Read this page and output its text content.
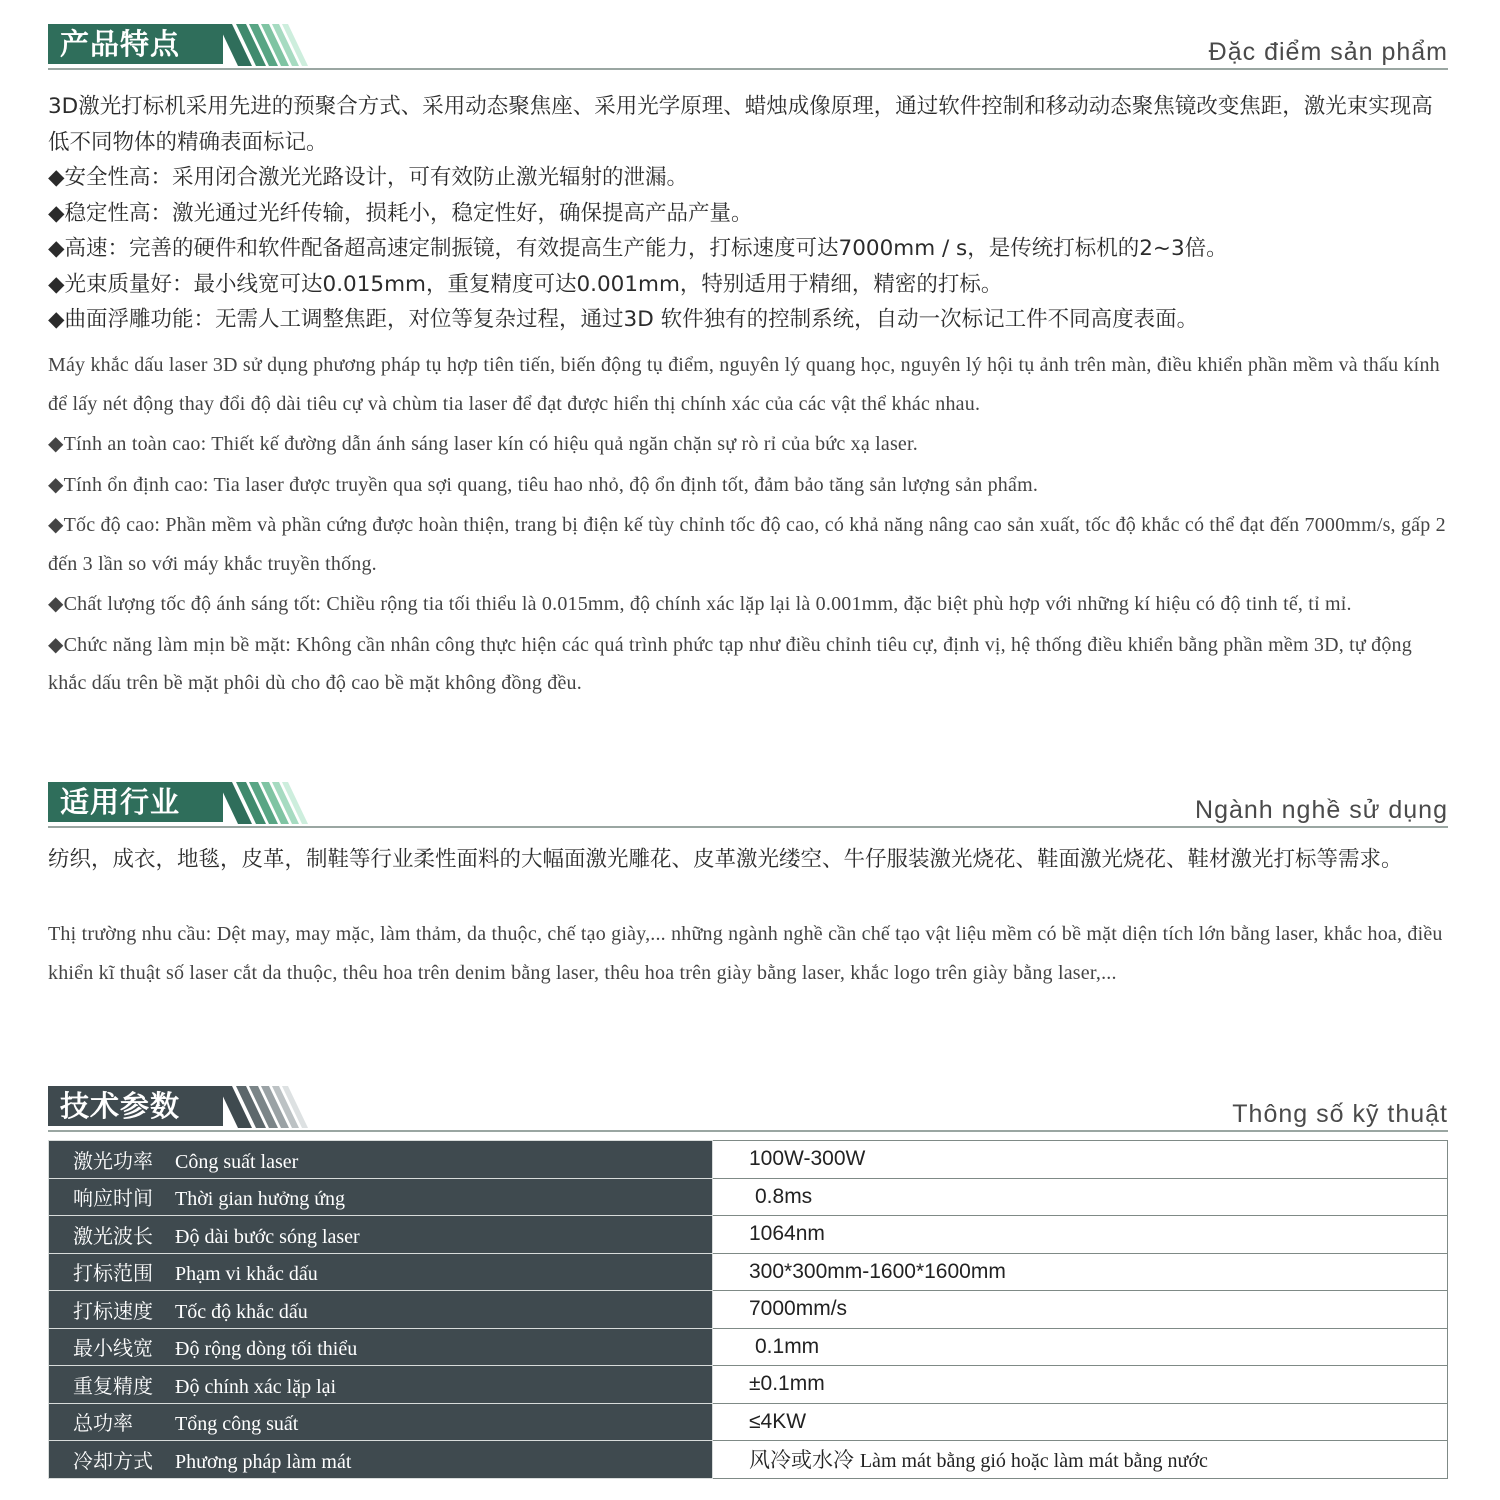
产品特点	Đặc điểm sản phẩm

3D激光打标机采用先进的预聚合方式、采用动态聚焦座、采用光学原理、蜡烛成像原理，通过软件控制和移动动态聚焦镜改变焦距，激光束实现高低不同物体的精确表面标记。

◆安全性高：采用闭合激光光路设计，可有效防止激光辐射的泄漏。

◆稳定性高：激光通过光纤传输，损耗小，稳定性好，确保提高产品产量。

◆高速：完善的硬件和软件配备超高速定制振镜，有效提高生产能力，打标速度可达7000mm / s，是传统打标机的2~3倍。

◆光束质量好：最小线宽可达0.015mm，重复精度可达0.001mm，特别适用于精细，精密的打标。

◆曲面浮雕功能：无需人工调整焦距，对位等复杂过程，通过3D 软件独有的控制系统，自动一次标记工件不同高度表面。

Máy khắc dấu laser 3D sử dụng phương pháp tụ hợp tiên tiến, biến động tụ điểm, nguyên lý quang học, nguyên lý hội tụ ảnh trên màn, điều khiển phần mềm và thấu kính để lấy nét động thay đổi độ dài tiêu cự và chùm tia laser để đạt được hiển thị chính xác của các vật thể khác nhau.

◆Tính an toàn cao: Thiết kế đường dẫn ánh sáng laser kín có hiệu quả ngăn chặn sự rò rỉ của bức xạ laser.

◆Tính ổn định cao: Tia laser được truyền qua sợi quang, tiêu hao nhỏ, độ ổn định tốt, đảm bảo tăng sản lượng sản phẩm.

◆Tốc độ cao: Phần mềm và phần cứng được hoàn thiện, trang bị điện kế tùy chỉnh tốc độ cao, có khả năng nâng cao sản xuất, tốc độ khắc có thể đạt đến 7000mm/s, gấp 2 đến 3 lần so với máy khắc truyền thống.

◆Chất lượng tốc độ ánh sáng tốt: Chiều rộng tia tối thiểu là 0.015mm, độ chính xác lặp lại là 0.001mm, đặc biệt phù hợp với những kí hiệu có độ tinh tế, tỉ mỉ.

◆Chức năng làm mịn bề mặt: Không cần nhân công thực hiện các quá trình phức tạp như điều chỉnh tiêu cự, định vị, hệ thống điều khiển bằng phần mềm 3D, tự động khắc dấu trên bề mặt phôi dù cho độ cao bề mặt không đồng đều.

适用行业	Ngành nghề sử dụng

纺织，成衣，地毯，皮革，制鞋等行业柔性面料的大幅面激光雕花、皮革激光缕空、牛仔服装激光烧花、鞋面激光烧花、鞋材激光打标等需求。

Thị trường nhu cầu: Dệt may, may mặc, làm thảm, da thuộc, chế tạo giày,... những ngành nghề cần chế tạo vật liệu mềm có bề mặt diện tích lớn bằng laser, khắc hoa, điều khiển kĩ thuật số laser cắt da thuộc, thêu hoa trên denim bằng laser, thêu hoa trên giày bằng laser, khắc logo trên giày bằng laser,...

技术参数	Thông số kỹ thuật
激光功率 Công suất laser	100W-300W
响应时间 Thời gian hưởng ứng	0.8ms
激光波长 Độ dài bước sóng laser	1064nm
打标范围 Phạm vi khắc dấu	300*300mm-1600*1600mm
打标速度 Tốc độ khắc dấu	7000mm/s
最小线宽 Độ rộng dòng tối thiểu	0.1mm
重复精度 Độ chính xác lặp lại	±0.1mm
总功率 Tổng công suất	≤4KW
冷却方式 Phương pháp làm mát	风冷或水冷 Làm mát bằng gió hoặc làm mát bằng nước
